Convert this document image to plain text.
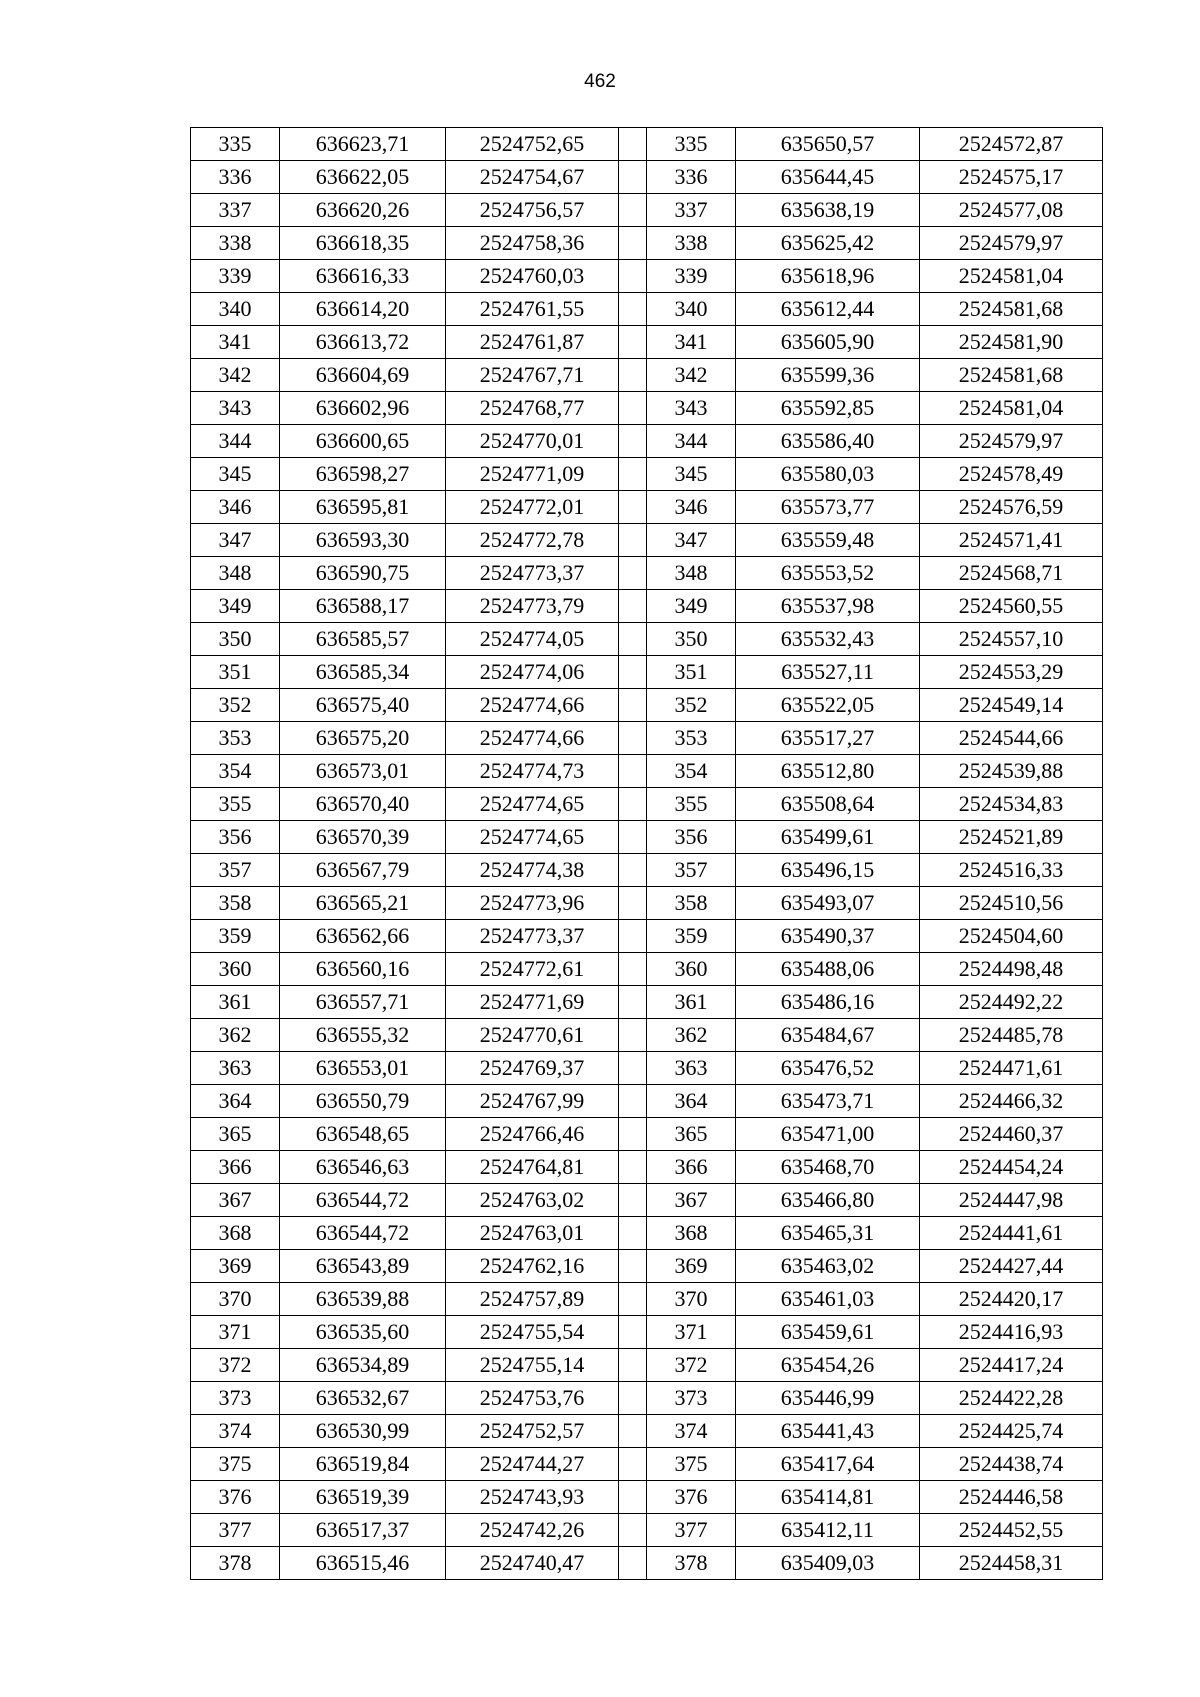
462
335	636623,71	2524752,65		335	635650,57	2524572,87
336	636622,05	2524754,67		336	635644,45	2524575,17
337	636620,26	2524756,57		337	635638,19	2524577,08
338	636618,35	2524758,36		338	635625,42	2524579,97
339	636616,33	2524760,03		339	635618,96	2524581,04
340	636614,20	2524761,55		340	635612,44	2524581,68
341	636613,72	2524761,87		341	635605,90	2524581,90
342	636604,69	2524767,71		342	635599,36	2524581,68
343	636602,96	2524768,77		343	635592,85	2524581,04
344	636600,65	2524770,01		344	635586,40	2524579,97
345	636598,27	2524771,09		345	635580,03	2524578,49
346	636595,81	2524772,01		346	635573,77	2524576,59
347	636593,30	2524772,78		347	635559,48	2524571,41
348	636590,75	2524773,37		348	635553,52	2524568,71
349	636588,17	2524773,79		349	635537,98	2524560,55
350	636585,57	2524774,05		350	635532,43	2524557,10
351	636585,34	2524774,06		351	635527,11	2524553,29
352	636575,40	2524774,66		352	635522,05	2524549,14
353	636575,20	2524774,66		353	635517,27	2524544,66
354	636573,01	2524774,73		354	635512,80	2524539,88
355	636570,40	2524774,65		355	635508,64	2524534,83
356	636570,39	2524774,65		356	635499,61	2524521,89
357	636567,79	2524774,38		357	635496,15	2524516,33
358	636565,21	2524773,96		358	635493,07	2524510,56
359	636562,66	2524773,37		359	635490,37	2524504,60
360	636560,16	2524772,61		360	635488,06	2524498,48
361	636557,71	2524771,69		361	635486,16	2524492,22
362	636555,32	2524770,61		362	635484,67	2524485,78
363	636553,01	2524769,37		363	635476,52	2524471,61
364	636550,79	2524767,99		364	635473,71	2524466,32
365	636548,65	2524766,46		365	635471,00	2524460,37
366	636546,63	2524764,81		366	635468,70	2524454,24
367	636544,72	2524763,02		367	635466,80	2524447,98
368	636544,72	2524763,01		368	635465,31	2524441,61
369	636543,89	2524762,16		369	635463,02	2524427,44
370	636539,88	2524757,89		370	635461,03	2524420,17
371	636535,60	2524755,54		371	635459,61	2524416,93
372	636534,89	2524755,14		372	635454,26	2524417,24
373	636532,67	2524753,76		373	635446,99	2524422,28
374	636530,99	2524752,57		374	635441,43	2524425,74
375	636519,84	2524744,27		375	635417,64	2524438,74
376	636519,39	2524743,93		376	635414,81	2524446,58
377	636517,37	2524742,26		377	635412,11	2524452,55
378	636515,46	2524740,47		378	635409,03	2524458,31
